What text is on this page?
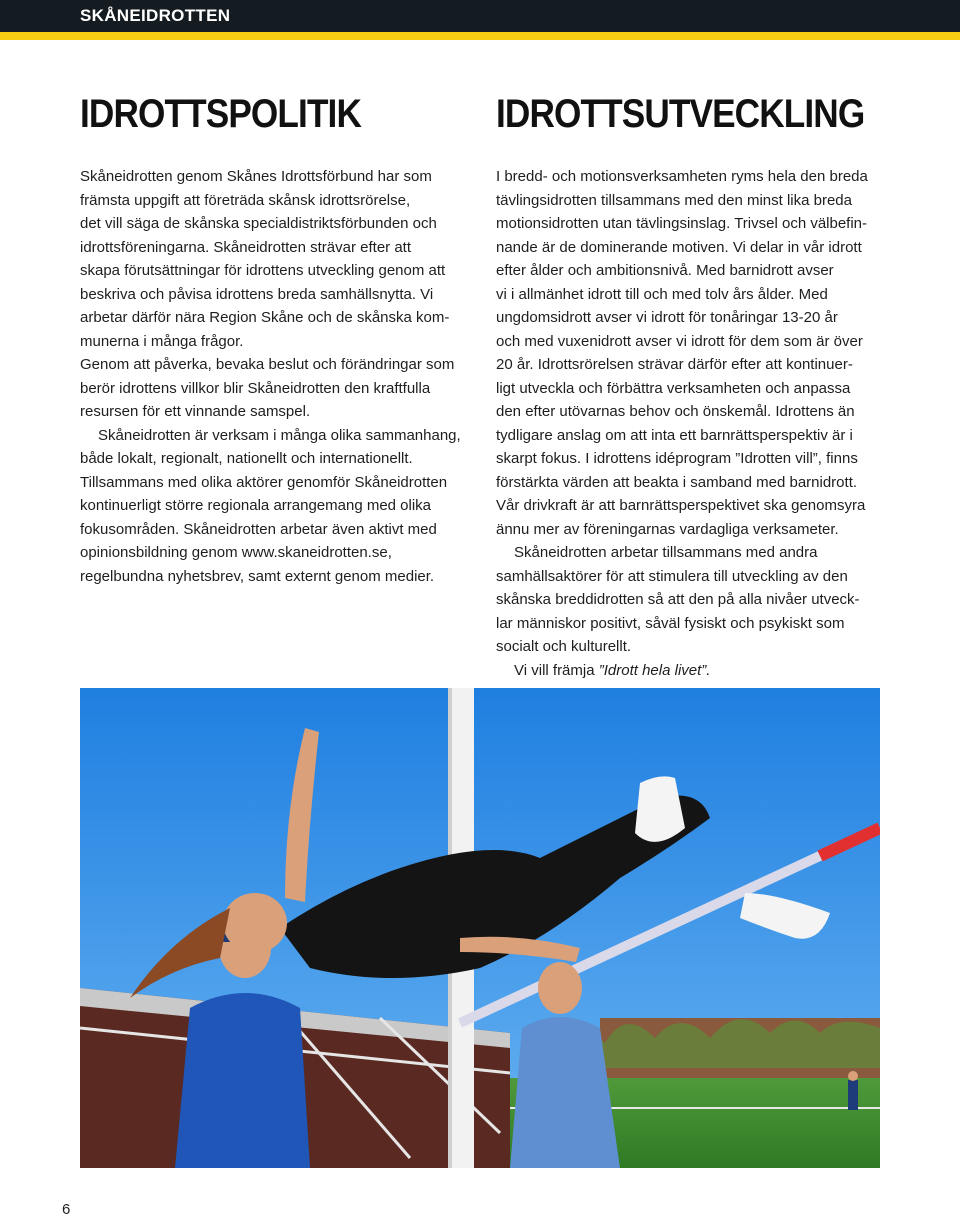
SKÅNEIDROTTEN
IDROTTSPOLITIK

Skåneidrotten genom Skånes Idrottsförbund har som

främsta uppgift att företräda skånsk idrottsrörelse,

det vill säga de skånska specialdistriktsförbunden och

idrottsföreningarna. Skåneidrotten strävar efter att

skapa förutsättningar för idrottens utveckling genom att

beskriva och påvisa idrottens breda samhällsnytta. Vi

arbetar därför nära Region Skåne och de skånska kom-

munerna i många frågor.

Genom att påverka, bevaka beslut och förändringar som

berör idrottens villkor blir Skåneidrotten den kraftfulla

resursen för ett vinnande samspel.

Skåneidrotten är verksam i många olika sammanhang,

både lokalt, regionalt, nationellt och internationellt.

Tillsammans med olika aktörer genomför Skåneidrotten

kontinuerligt större regionala arrangemang med olika

fokusområden. Skåneidrotten arbetar även aktivt med

opinionsbildning genom www.skaneidrotten.se,

regelbundna nyhetsbrev, samt externt genom medier.

IDROTTSUTVECKLING

I bredd- och motionsverksamheten ryms hela den breda

tävlingsidrotten tillsammans med den minst lika breda

motionsidrotten utan tävlingsinslag. Trivsel och välbefin-

nande är de dominerande motiven. Vi delar in vår idrott

efter ålder och ambitionsnivå. Med barnidrott avser

vi i allmänhet idrott till och med tolv års ålder. Med

ungdomsidrott avser vi idrott för tonåringar 13-20 år

och med vuxenidrott avser vi idrott för dem som är över

20 år. Idrottsrörelsen strävar därför efter att kontinuer-

ligt utveckla och förbättra verksamheten och anpassa

den efter utövarnas behov och önskemål. Idrottens än

tydligare anslag om att inta ett barnrättsperspektiv är i

skarpt fokus. I idrottens idéprogram ”Idrotten vill”, finns

förstärkta värden att beakta i samband med barnidrott.

Vår drivkraft är att barnrättsperspektivet ska genomsyra

ännu mer av föreningarnas vardagliga verksameter.

Skåneidrotten arbetar tillsammans med andra

samhällsaktörer för att stimulera till utveckling av den

skånska breddidrotten så att den på alla nivåer utveck-

lar människor positivt, såväl fysiskt och psykiskt som

socialt och kulturellt.

Vi vill främja ”Idrott hela livet”.

6
